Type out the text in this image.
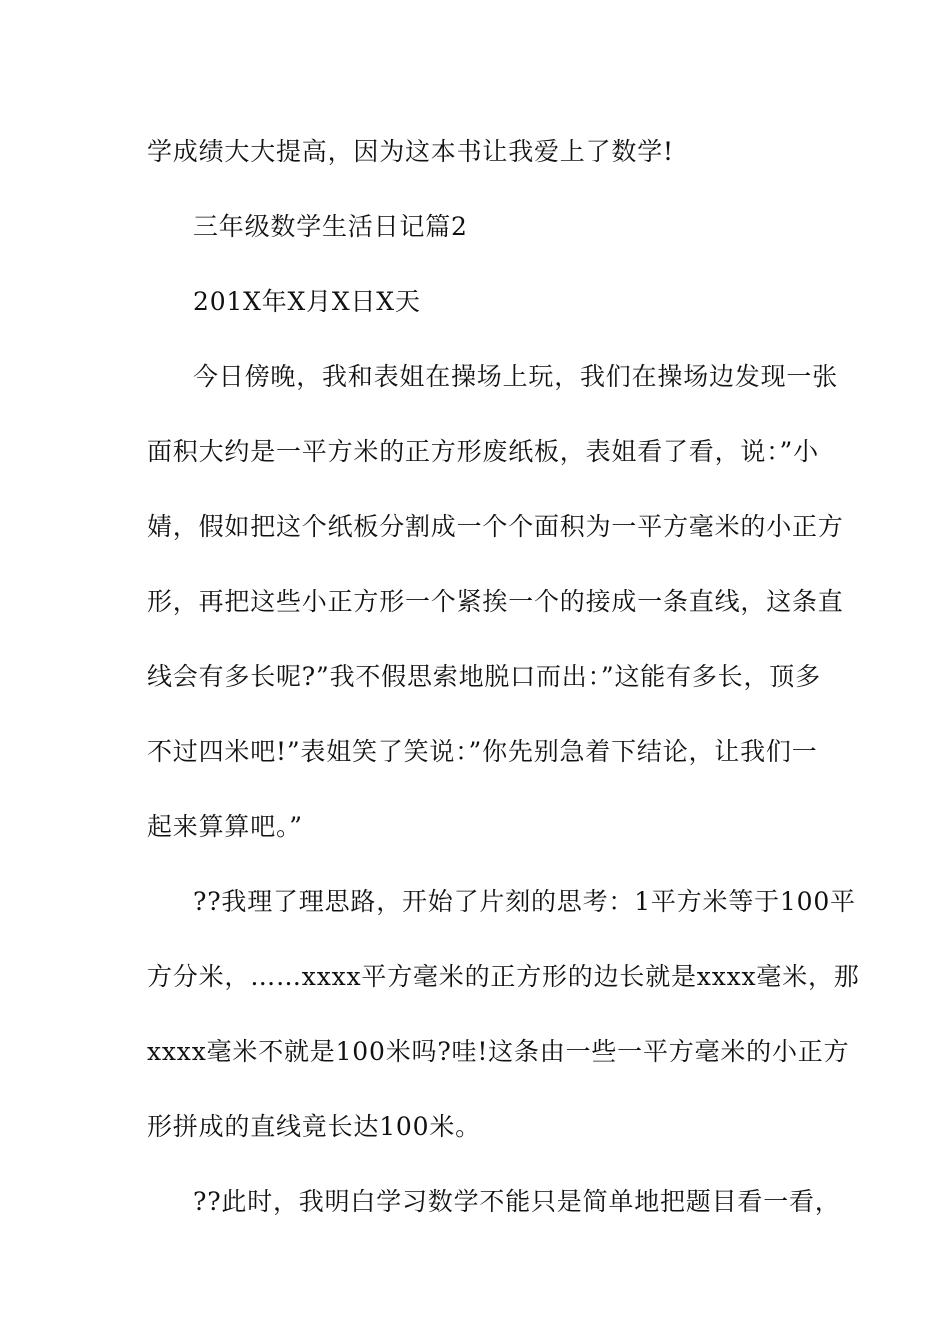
学成绩大大提高，因为这本书让我爱上了数学!
三年级数学生活日记篇2
201X年X月X日X天
今日傍晚，我和表姐在操场上玩，我们在操场边发现一张
面积大约是一平方米的正方形废纸板，表姐看了看，说：”小
婧，假如把这个纸板分割成一个个面积为一平方毫米的小正方
形，再把这些小正方形一个紧挨一个的接成一条直线，这条直
线会有多长呢?”我不假思索地脱口而出：”这能有多长，顶多
不过四米吧!”表姐笑了笑说：”你先别急着下结论，让我们一
起来算算吧。”
??我理了理思路，开始了片刻的思考：1平方米等于100平
方分米，……xxxx平方毫米的正方形的边长就是xxxx毫米，那
xxxx毫米不就是100米吗?哇!这条由一些一平方毫米的小正方
形拼成的直线竟长达100米。
??此时，我明白学习数学不能只是简单地把题目看一看，
